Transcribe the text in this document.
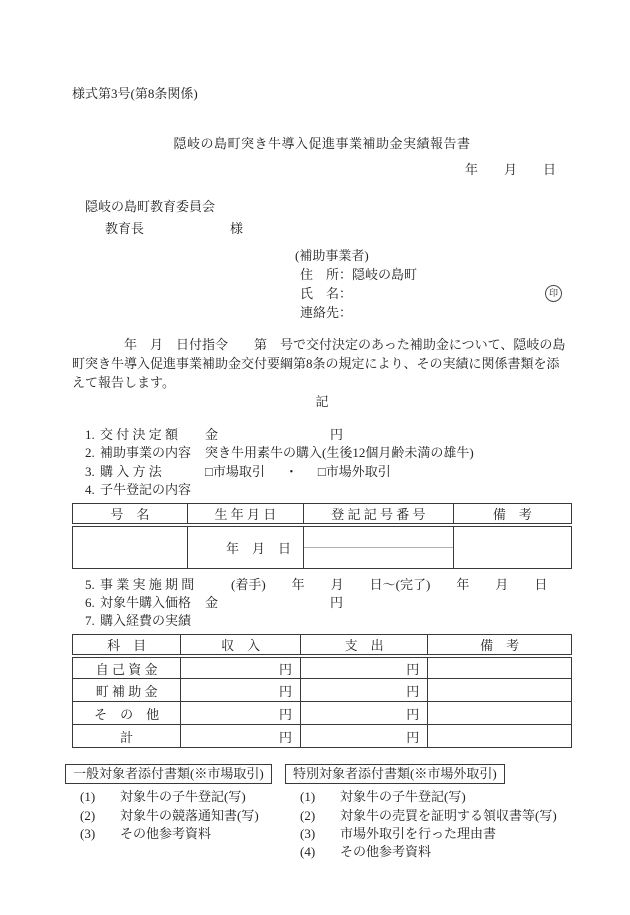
様式第3号(第8条関係)
隠岐の島町突き牛導入促進事業補助金実績報告書
年　　月　　日
隠岐の島町教育委員会
教育長	様
(補助事業者)
住　所：隠岐の島町
氏　名：	印
連絡先：

年　月　日付指令　　第　号で交付決定のあった補助金について、隠岐の島町突き牛導入促進事業補助金交付要綱第8条の規定により、その実績に関係書類を添えて報告します。

記
1. 交 付 決 定 額	金	円
2. 補助事業の内容	突き牛用素牛の購入(生後12個月齢未満の雄牛)
3. 購 入 方 法	□市場取引 ・ □市場外取引
4. 子牛登記の内容
号　名	生 年 月 日	登 記 記 号 番 号	備　考
	年　月　日	

5. 事 業 実 施 期 間 　　(着手)　　年　　月　　日～(完了)　　年　　月　　日
6. 対象牛購入価格	金	円
7. 購入経費の実績
科　目	収　入	支　出	備　考
自 己 資 金	円	円	
町 補 助 金	円	円	
そ　の　他	円	円	
計	円	円	
一般対象者添付書類(※市場取引)
(1)	対象牛の子牛登記(写)
(2)	対象牛の競落通知書(写)
(3)	その他参考資料
特別対象者添付書類(※市場外取引)
(1)	対象牛の子牛登記(写)
(2)	対象牛の売買を証明する領収書等(写)
(3)	市場外取引を行った理由書
(4)	その他参考資料
